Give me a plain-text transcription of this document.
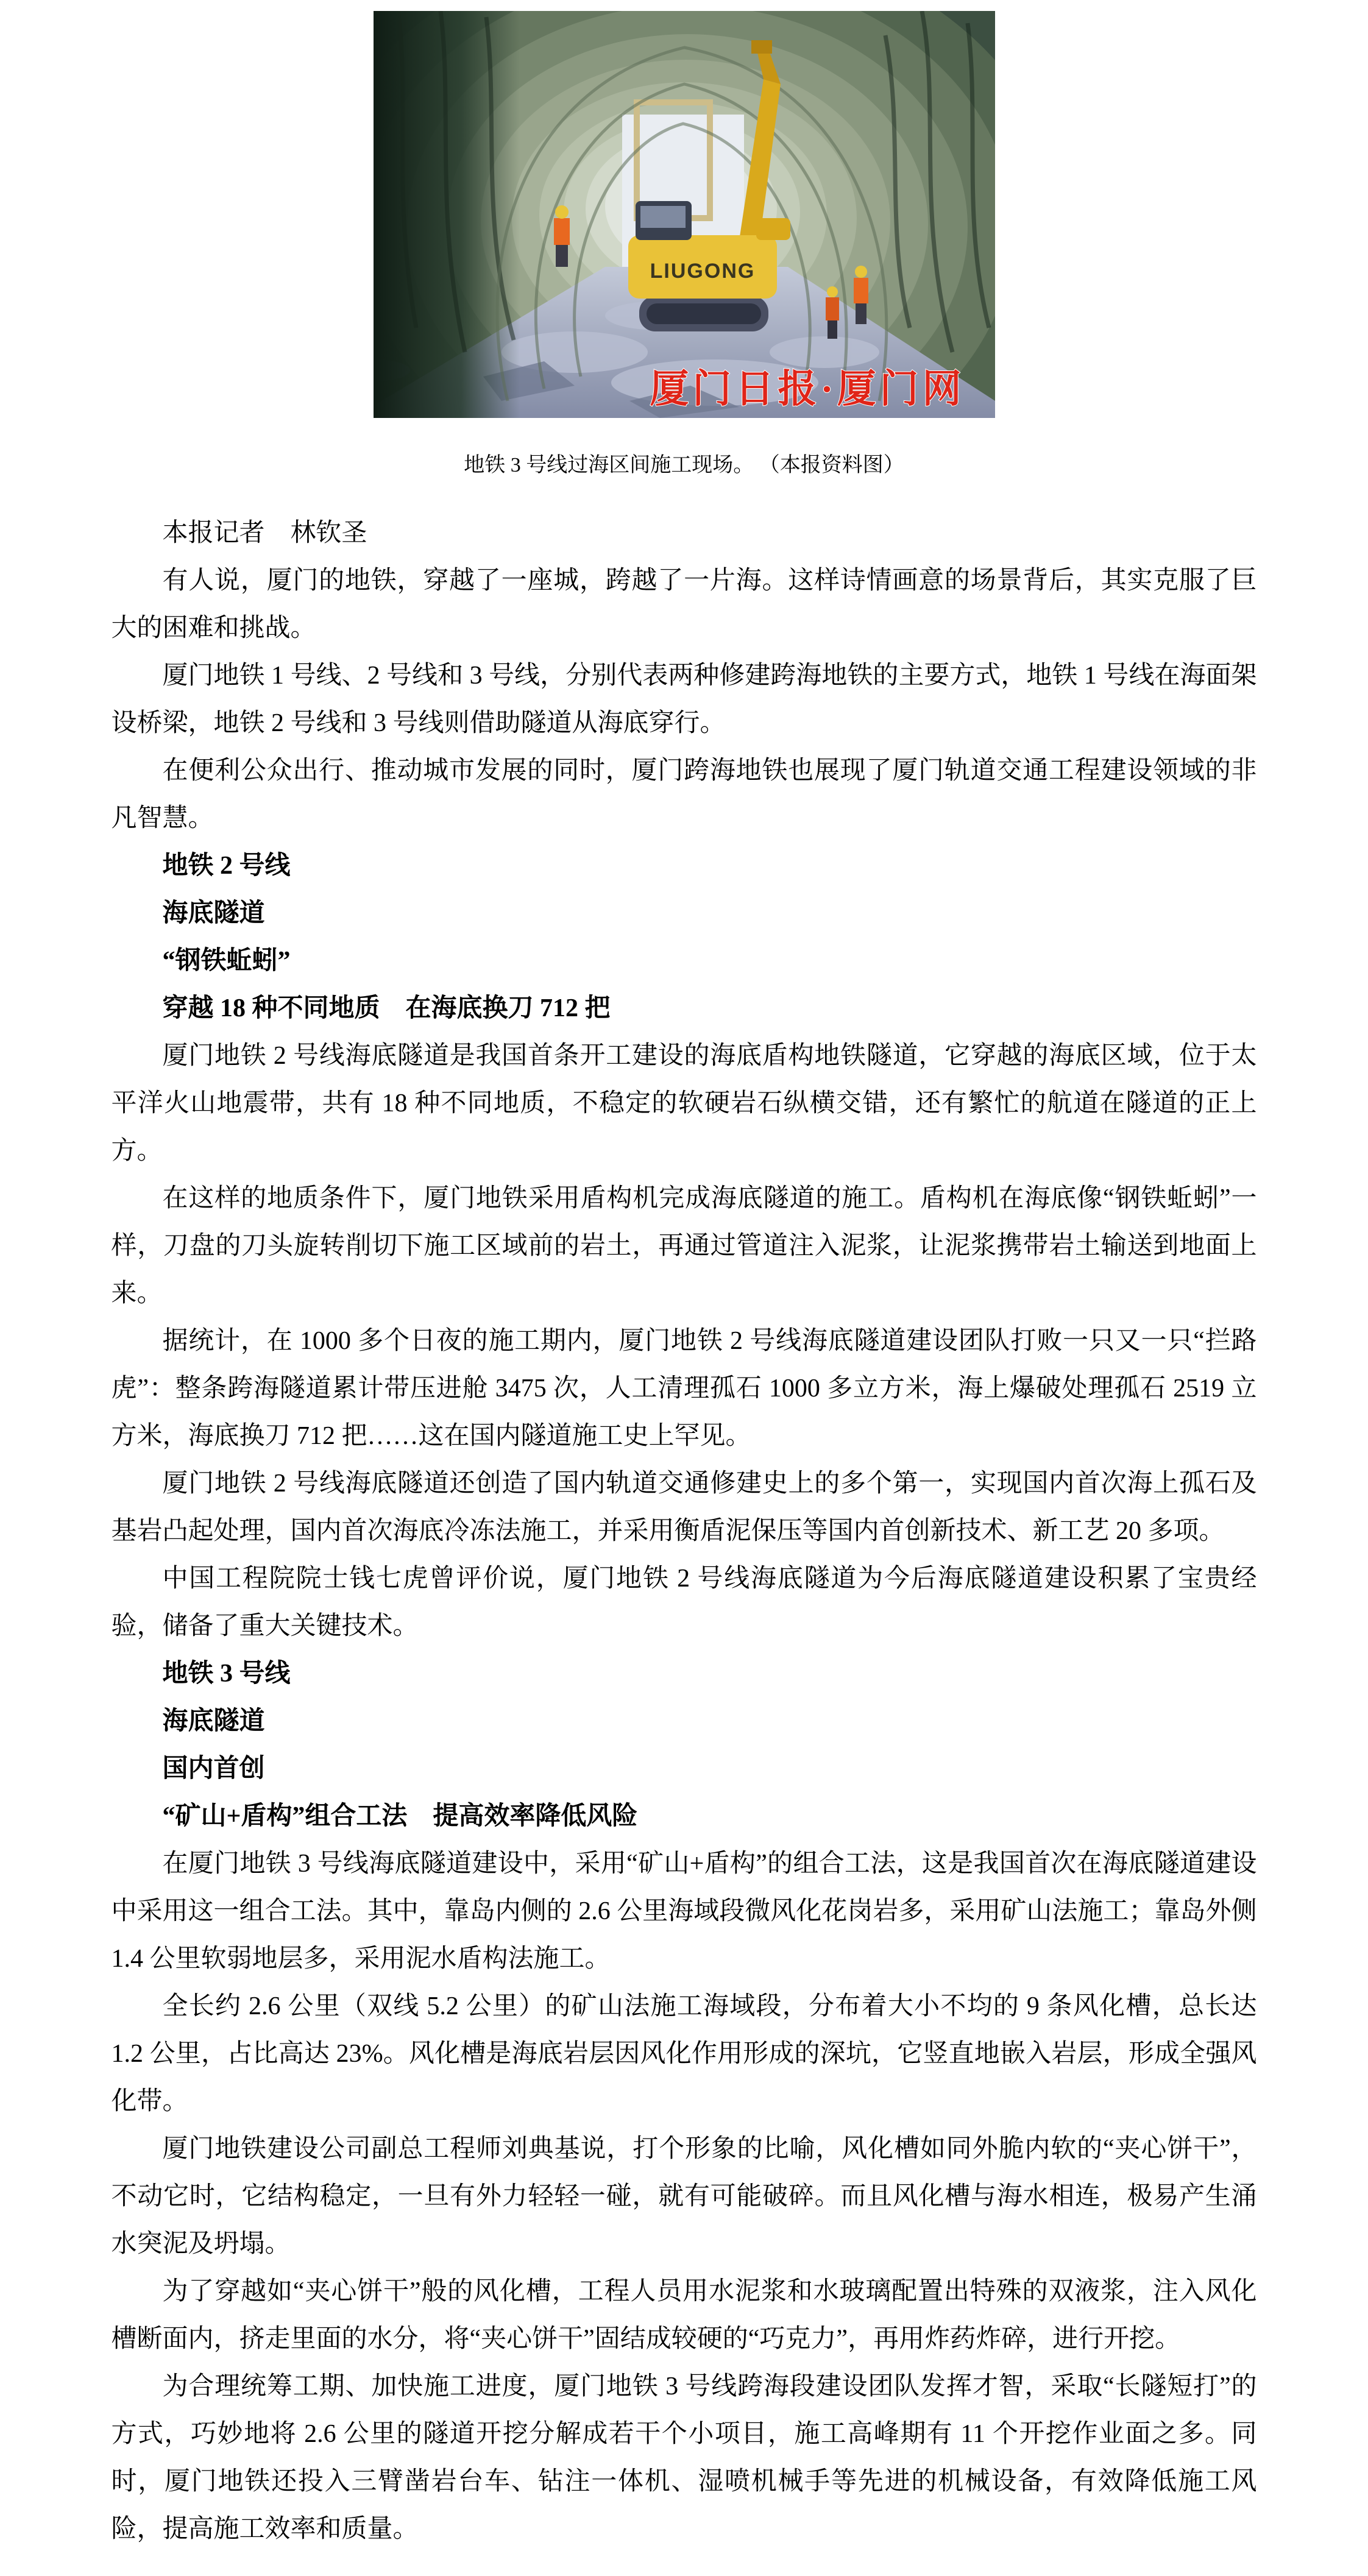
LIUGONG
厦门日报·厦门网
地铁 3 号线过海区间施工现场。 （本报资料图）

本报记者　林钦圣

有人说，厦门的地铁，穿越了一座城，跨越了一片海。这样诗情画意的场景背后，其实克服了巨大的困难和挑战。

厦门地铁 1 号线、2 号线和 3 号线，分别代表两种修建跨海地铁的主要方式，地铁 1 号线在海面架设桥梁，地铁 2 号线和 3 号线则借助隧道从海底穿行。

在便利公众出行、推动城市发展的同时，厦门跨海地铁也展现了厦门轨道交通工程建设领域的非凡智慧。

地铁 2 号线

海底隧道

“钢铁蚯蚓”

穿越 18 种不同地质　在海底换刀 712 把

厦门地铁 2 号线海底隧道是我国首条开工建设的海底盾构地铁隧道，它穿越的海底区域，位于太平洋火山地震带，共有 18 种不同地质，不稳定的软硬岩石纵横交错，还有繁忙的航道在隧道的正上方。

在这样的地质条件下，厦门地铁采用盾构机完成海底隧道的施工。盾构机在海底像“钢铁蚯蚓”一样，刀盘的刀头旋转削切下施工区域前的岩土，再通过管道注入泥浆，让泥浆携带岩土输送到地面上来。

据统计，在 1000 多个日夜的施工期内，厦门地铁 2 号线海底隧道建设团队打败一只又一只“拦路虎”：整条跨海隧道累计带压进舱 3475 次，人工清理孤石 1000 多立方米，海上爆破处理孤石 2519 立方米，海底换刀 712 把……这在国内隧道施工史上罕见。

厦门地铁 2 号线海底隧道还创造了国内轨道交通修建史上的多个第一，实现国内首次海上孤石及基岩凸起处理，国内首次海底冷冻法施工，并采用衡盾泥保压等国内首创新技术、新工艺 20 多项。

中国工程院院士钱七虎曾评价说，厦门地铁 2 号线海底隧道为今后海底隧道建设积累了宝贵经验，储备了重大关键技术。

地铁 3 号线

海底隧道

国内首创

“矿山+盾构”组合工法　提高效率降低风险

在厦门地铁 3 号线海底隧道建设中，采用“矿山+盾构”的组合工法，这是我国首次在海底隧道建设中采用这一组合工法。其中，靠岛内侧的 2.6 公里海域段微风化花岗岩多，采用矿山法施工；靠岛外侧 1.4 公里软弱地层多，采用泥水盾构法施工。

全长约 2.6 公里（双线 5.2 公里）的矿山法施工海域段，分布着大小不均的 9 条风化槽，总长达 1.2 公里，占比高达 23%。风化槽是海底岩层因风化作用形成的深坑，它竖直地嵌入岩层，形成全强风化带。

厦门地铁建设公司副总工程师刘典基说，打个形象的比喻，风化槽如同外脆内软的“夹心饼干”，不动它时，它结构稳定，一旦有外力轻轻一碰，就有可能破碎。而且风化槽与海水相连，极易产生涌水突泥及坍塌。

为了穿越如“夹心饼干”般的风化槽，工程人员用水泥浆和水玻璃配置出特殊的双液浆，注入风化槽断面内，挤走里面的水分，将“夹心饼干”固结成较硬的“巧克力”，再用炸药炸碎，进行开挖。

为合理统筹工期、加快施工进度，厦门地铁 3 号线跨海段建设团队发挥才智，采取“长隧短打”的方式，巧妙地将 2.6 公里的隧道开挖分解成若干个小项目，施工高峰期有 11 个开挖作业面之多。同时，厦门地铁还投入三臂凿岩台车、钻注一体机、湿喷机械手等先进的机械设备，有效降低施工风险，提高施工效率和质量。
